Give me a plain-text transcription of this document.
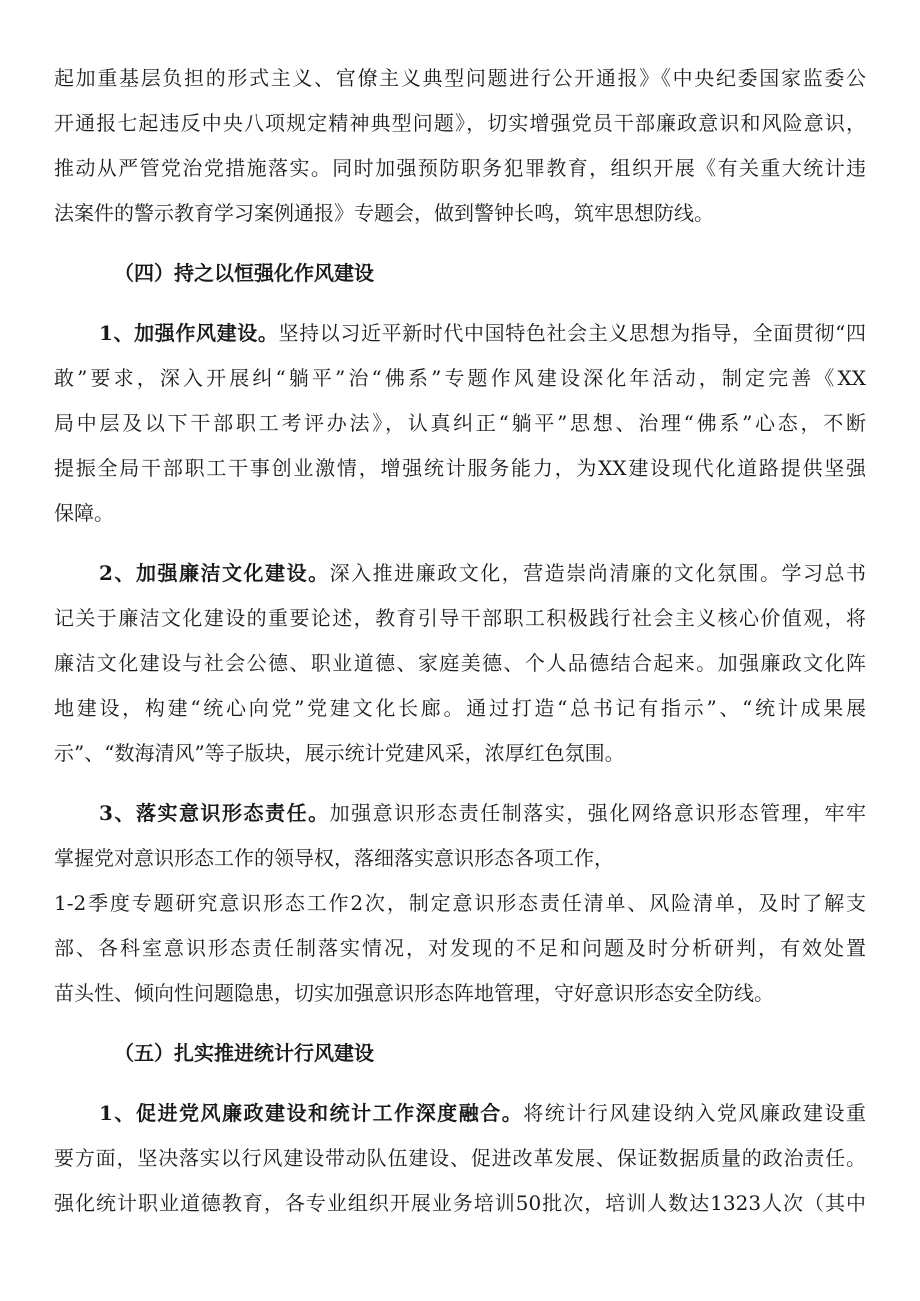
起加重基层负担的形式主义、官僚主义典型问题进行公开通报》《中央纪委国家监委公
开通报七起违反中央八项规定精神典型问题》，切实增强党员干部廉政意识和风险意识，
推动从严管党治党措施落实。同时加强预防职务犯罪教育，组织开展《有关重大统计违
法案件的警示教育学习案例通报》专题会，做到警钟长鸣，筑牢思想防线。
（四）持之以恒强化作风建设
1、加强作风建设。坚持以习近平新时代中国特色社会主义思想为指导，全面贯彻“四
敢”要求，深入开展纠“躺平”治“佛系”专题作风建设深化年活动，制定完善《XX
局中层及以下干部职工考评办法》，认真纠正“躺平”思想、治理“佛系”心态，不断
提振全局干部职工干事创业激情，增强统计服务能力，为XX建设现代化道路提供坚强
保障。
2、加强廉洁文化建设。深入推进廉政文化，营造崇尚清廉的文化氛围。学习总书
记关于廉洁文化建设的重要论述，教育引导干部职工积极践行社会主义核心价值观，将
廉洁文化建设与社会公德、职业道德、家庭美德、个人品德结合起来。加强廉政文化阵
地建设，构建“统心向党”党建文化长廊。通过打造“总书记有指示”、“统计成果展
示”、“数海清风”等子版块，展示统计党建风采，浓厚红色氛围。
3、落实意识形态责任。加强意识形态责任制落实，强化网络意识形态管理，牢牢
掌握党对意识形态工作的领导权，落细落实意识形态各项工作，
1-2季度专题研究意识形态工作2次，制定意识形态责任清单、风险清单，及时了解支
部、各科室意识形态责任制落实情况，对发现的不足和问题及时分析研判，有效处置
苗头性、倾向性问题隐患，切实加强意识形态阵地管理，守好意识形态安全防线。
（五）扎实推进统计行风建设
1、促进党风廉政建设和统计工作深度融合。将统计行风建设纳入党风廉政建设重
要方面，坚决落实以行风建设带动队伍建设、促进改革发展、保证数据质量的政治责任。
强化统计职业道德教育，各专业组织开展业务培训50批次，培训人数达1323人次（其中
